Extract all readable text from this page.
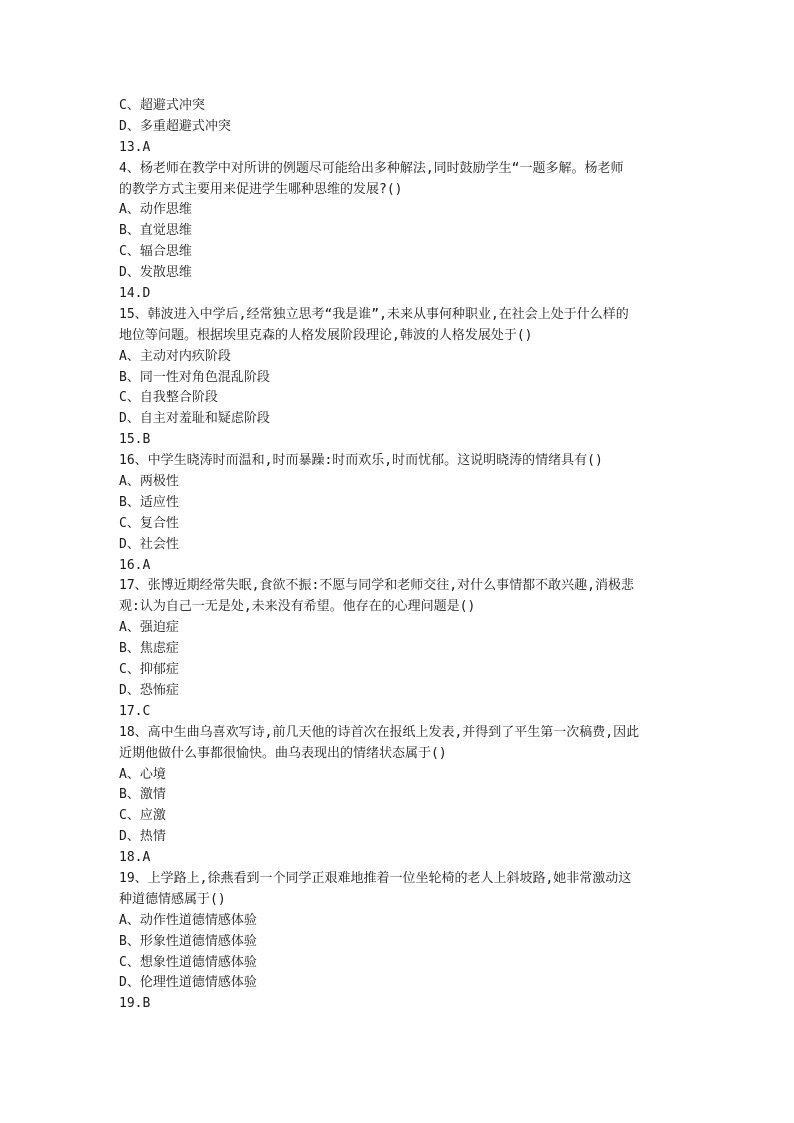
C、超避式冲突
D、多重超避式冲突
13.A
4、杨老师在教学中对所讲的例题尽可能给出多种解法,同时鼓励学生“一题多解。杨老师
的教学方式主要用来促进学生哪种思维的发展?()
A、动作思维
B、直觉思维
C、辐合思维
D、发散思维
14.D
15、韩波进入中学后,经常独立思考“我是谁”,未来从事何种职业,在社会上处于什么样的
地位等问题。根据埃里克森的人格发展阶段理论,韩波的人格发展处于()
A、主动对内疚阶段
B、同一性对角色混乱阶段
C、自我整合阶段
D、自主对羞耻和疑虑阶段
15.B
16、中学生晓涛时而温和,时而暴躁:时而欢乐,时而忧郁。这说明晓涛的情绪具有()
A、两极性
B、适应性
C、复合性
D、社会性
16.A
17、张博近期经常失眠,食欲不振:不愿与同学和老师交往,对什么事情都不敢兴趣,消极悲
观:认为自己一无是处,未来没有希望。他存在的心理问题是()
A、强迫症
B、焦虑症
C、抑郁症
D、恐怖症
17.C
18、高中生曲乌喜欢写诗,前几天他的诗首次在报纸上发表,并得到了平生第一次稿费,因此
近期他做什么事都很愉快。曲乌表现出的情绪状态属于()
A、心境
B、激情
C、应激
D、热情
18.A
19、上学路上,徐燕看到一个同学正艰难地推着一位坐轮椅的老人上斜坡路,她非常激动这
种道德情感属于()
A、动作性道德情感体验
B、形象性道德情感体验
C、想象性道德情感体验
D、伦理性道德情感体验
19.B
